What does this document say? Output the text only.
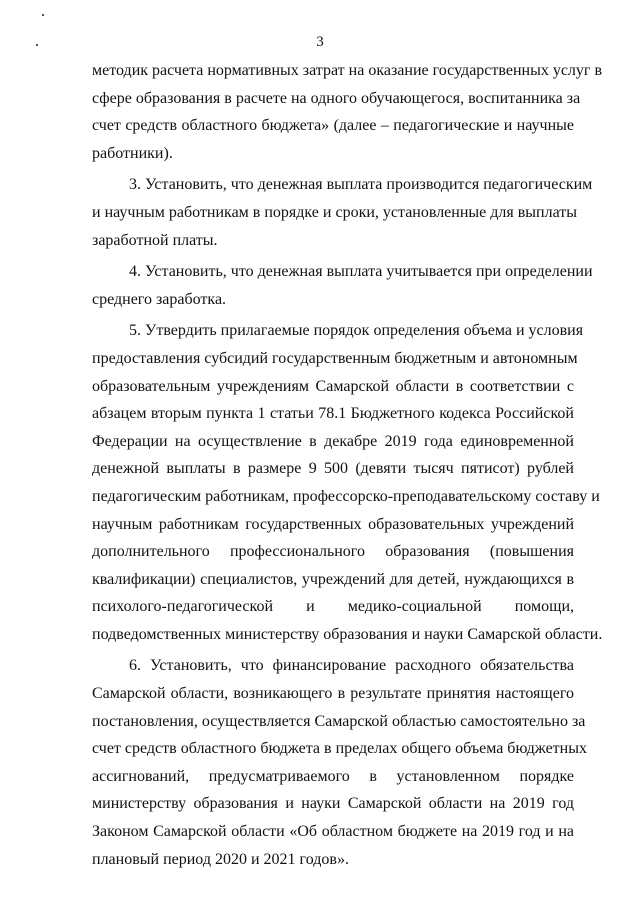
3

методик расчета нормативных затрат на оказание государственных услуг в
сфере образования в расчете на одного обучающегося, воспитанника за
счет средств областного бюджета» (далее – педагогические и научные
работники).

3. Установить, что денежная выплата производится педагогическим
и научным работникам в порядке и сроки, установленные для выплаты
заработной платы.

4. Установить, что денежная выплата учитывается при определении
среднего заработка.

5. Утвердить прилагаемые порядок определения объема и условия
предоставления субсидий государственным бюджетным и автономным
образовательным учреждениям Самарской области в соответствии с
абзацем вторым пункта 1 статьи 78.1 Бюджетного кодекса Российской
Федерации на осуществление в декабре 2019 года единовременной
денежной выплаты в размере 9 500 (девяти тысяч пятисот) рублей
педагогическим работникам, профессорско-преподавательскому составу и
научным работникам государственных образовательных учреждений
дополнительного профессионального образования (повышения
квалификации) специалистов, учреждений для детей, нуждающихся в
психолого-педагогической и медико-социальной помощи,
подведомственных министерству образования и науки Самарской области.

6. Установить, что финансирование расходного обязательства
Самарской области, возникающего в результате принятия настоящего
постановления, осуществляется Самарской областью самостоятельно за
счет средств областного бюджета в пределах общего объема бюджетных
ассигнований, предусматриваемого в установленном порядке
министерству образования и науки Самарской области на 2019 год
Законом Самарской области «Об областном бюджете на 2019 год и на
плановый период 2020 и 2021 годов».
